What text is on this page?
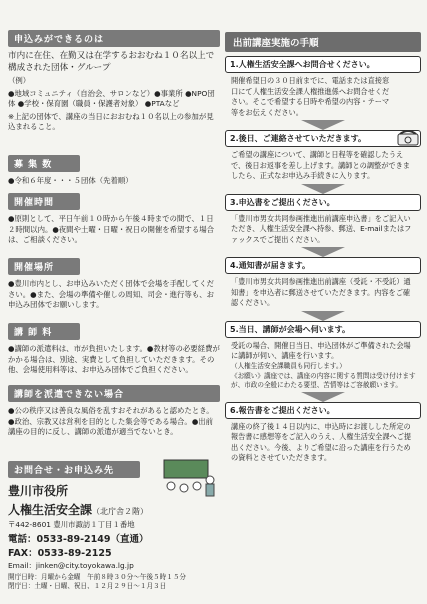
申込みができるのは
市内に在住、在勤又は在学するおおむね１０名以上で構成された団体・グループ
（例）
●地域コミュニティ（自治会、サロンなど）●事業所 ●NPO団体 ●学校・保育園（職員・保護者対象） ●PTAなど
※上記の団体で、講座の当日におおむね１０名以上の参加が見込まれること。
募 集 数
●令和６年度・・・５団体（先着順）
開催時間
●原則として、平日午前１０時から午後４時までの間で、１日２時間以内。●夜間や土曜・日曜・祝日の開催を希望する場合は、ご相談ください。
開催場所
●豊川市内とし、お申込みいただく団体で会場を手配してください。●また、会場の準備や催しの周知、司会・進行等も、お申込み団体でお願いします。
講 師 料
●講師の派遣料は、市が負担いたします。●教材等の必要経費がかかる場合は、別途、実費として負担していただきます。その他、会場使用料等は、お申込み団体でご負担ください。
講師を派遣できない場合
●公の秩序又は善良な風俗を乱すおそれがあると認めたとき。●政治、宗教又は営利を目的とした集会等である場合。●出前講座の目的に反し、講師の派遣が適当でないとき。
お問合せ・お申込み先
豊川市役所
人権生活安全課（北庁舎２階）
〒442-8601 豊川市諏訪１丁目１番地
電話：0533-89-2149（直通）
FAX：0533-89-2125
Email：jinken@city.toyokawa.lg.jp
開庁日時：月曜から金曜　午前８時３０分～午後５時１５分
閉庁日：土曜・日曜、祝日、１２月２９日～１月３日
出前講座実施の手順
1.人権生活安全課へお問合せください。
開催希望日の３０日前までに、電話または直接窓口にて人権生活安全課人権推進係へお問合せください。そこで希望する日時や希望の内容・テーマ等をお伝えください。
2.後日、ご連絡させていただきます。
ご希望の講座について、講師と日程等を確認したうえで、後日お返事を差し上げます。講師との調整ができましたら、正式なお申込み手続きに入ります。
3.申込書をご提出ください。
「豊川市男女共同参画推進出前講座申込書」をご記入いただき、人権生活安全課へ持参、郵送、E-mailまたはファックスでご提出ください。
4.通知書が届きます。
「豊川市男女共同参画推進出前講座（受託・不受託）通知書」を申込者に郵送させていただきます。内容をご確認ください。
5.当日、講師が会場へ伺います。
受託の場合、開催日当日、申込団体がご準備された会場に講師が伺い、講座を行います。
（人権生活安全課職員も同行します。）
《お願い》講座では、講座の内容に関する質問は受け付けますが、市政の全般にわたる要望、苦情等はご容赦願います。
6.報告書をご提出ください。
講座の終了後１４日以内に、申込時にお渡しした所定の報告書に感想等をご記入のうえ、人権生活安全課へご提出ください。今後、よりご希望に沿った講座を行うための資料とさせていただきます。
